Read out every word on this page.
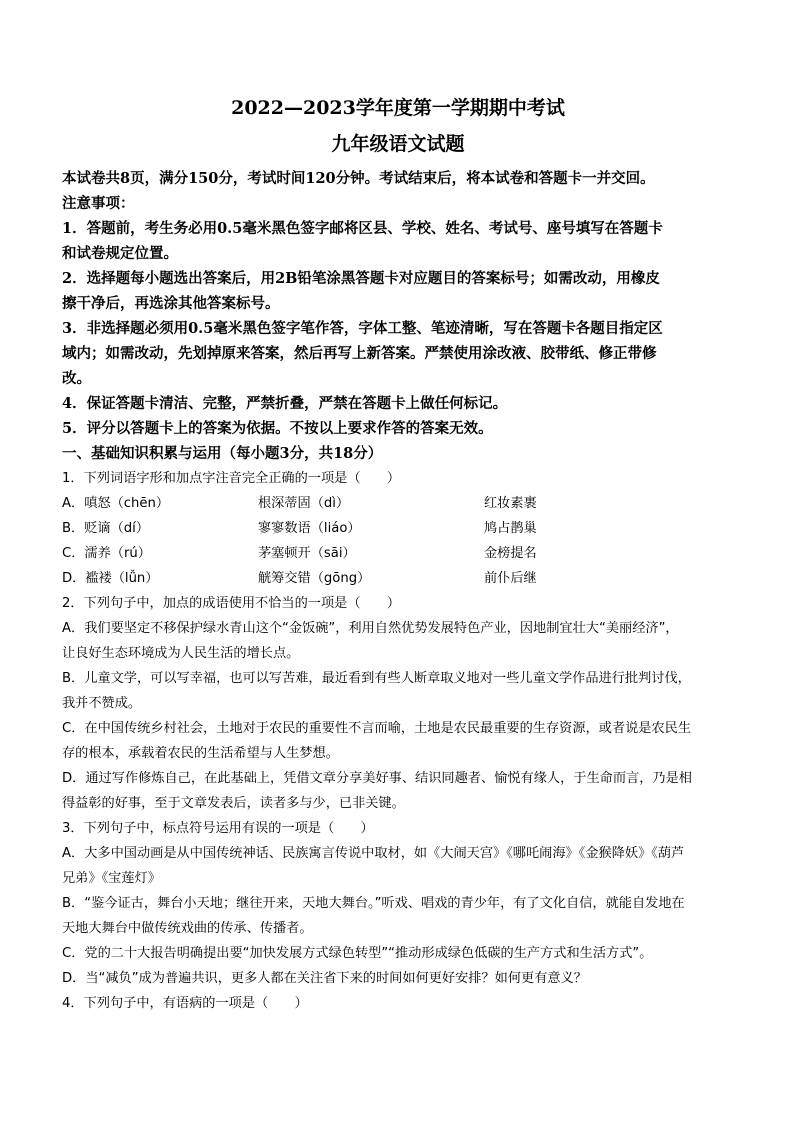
2022—2023学年度第一学期期中考试

九年级语文试题

本试卷共8页，满分150分，考试时间120分钟。考试结束后，将本试卷和答题卡一并交回。

注意事项：

1．答题前，考生务必用0.5毫米黑色签字邮将区县、学校、姓名、考试号、座号填写在答题卡

和试卷规定位置。

2．选择题每小题选出答案后，用2B铅笔涂黑答题卡对应题目的答案标号；如需改动，用橡皮

擦干净后，再选涂其他答案标号。

3．非选择题必须用0.5毫米黑色签字笔作答，字体工整、笔迹清晰，写在答题卡各题目指定区

域内；如需改动，先划掉原来答案，然后再写上新答案。严禁使用涂改液、胶带纸、修正带修

改。

4．保证答题卡清洁、完整，严禁折叠，严禁在答题卡上做任何标记。

5．评分以答题卡上的答案为依据。不按以上要求作答的答案无效。

一、基础知识积累与运用（每小题3分，共18分）

1．下列词语字形和加点字注音完全正确的一项是（　　）

A．嗔怒（chēn）	根深蒂固（dì）	红妆素裹
B．贬谪（dí）	寥寥数语（liáo）	鸠占鹊巢
C．濡养（rú）	茅塞顿开（sāi）	金榜提名
D．褴褛（lǚn）	觥筹交错（gōng）	前仆后继

2．下列句子中，加点的成语使用不恰当的一项是（　　）

A．我们要坚定不移保护绿水青山这个“金饭碗”，利用自然优势发展特色产业，因地制宜壮大“美丽经济”，

让良好生态环境成为人民生活的增长点。

B．儿童文学，可以写幸福，也可以写苦难，最近看到有些人断章取义地对一些儿童文学作品进行批判讨伐，

我并不赞成。

C．在中国传统乡村社会，土地对于农民的重要性不言而喻，土地是农民最重要的生存资源，或者说是农民生

存的根本，承载着农民的生活希望与人生梦想。

D．通过写作修炼自己，在此基础上，凭借文章分享美好事、结识同趣者、愉悦有缘人，于生命而言，乃是相

得益彰的好事，至于文章发表后，读者多与少，已非关键。

3．下列句子中，标点符号运用有误的一项是（　　）

A．大多中国动画是从中国传统神话、民族寓言传说中取材，如《大闹天宫》《哪吒闹海》《金猴降妖》《葫芦

兄弟》《宝莲灯》

B．“鉴今证古，舞台小天地；继往开来，天地大舞台。”听戏、唱戏的青少年，有了文化自信，就能自发地在

天地大舞台中做传统戏曲的传承、传播者。

C．党的二十大报告明确提出要“加快发展方式绿色转型”“推动形成绿色低碳的生产方式和生活方式”。

D．当“减负”成为普遍共识，更多人都在关注省下来的时间如何更好安排？如何更有意义？

4．下列句子中，有语病的一项是（　　）
